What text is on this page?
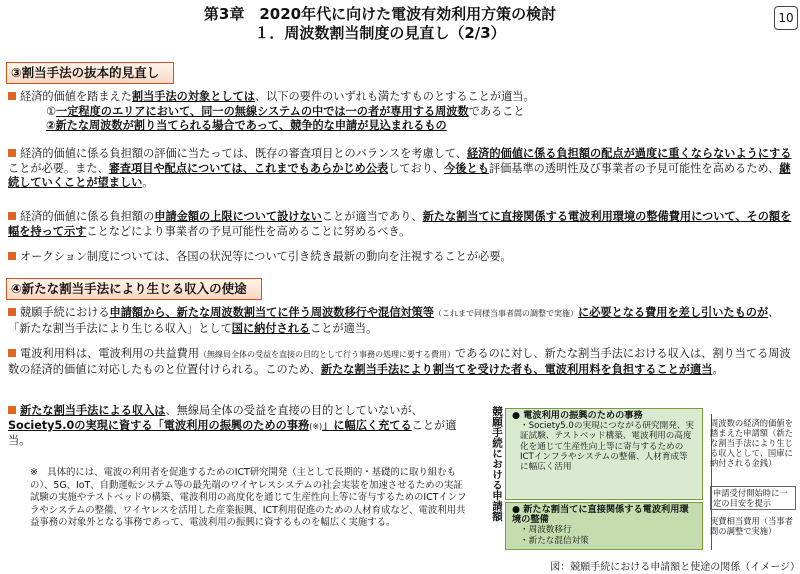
第3章　2020年代に向けた電波有効利用方策の検討
１．周波数割当制度の見直し（2/3）
10
③割当手法の抜本的見直し
経済的価値を踏まえた割当手法の対象としては、以下の要件のいずれも満たすものとすることが適当。
①一定程度のエリアにおいて、同一の無線システムの中では一の者が専用する周波数であること
②新たな周波数が割り当てられる場合であって、競争的な申請が見込まれるもの
経済的価値に係る負担額の評価に当たっては、既存の審査項目とのバランスを考慮して、経済的価値に係る負担額の配点が過度に重くならないようにすることが必要。また、審査項目や配点については、これまでもあらかじめ公表しており、今後とも評価基準の透明性及び事業者の予見可能性を高めるため、継続していくことが望ましい。
経済的価値に係る負担額の申請金額の上限について設けないことが適当であり、新たな割当てに直接関係する電波利用環境の整備費用について、その額を幅を持って示すことなどにより事業者の予見可能性を高めることに努めるべき。
オークション制度については、各国の状況等について引き続き最新の動向を注視することが必要。
④新たな割当手法により生じる収入の使途
競願手続における申請額から、新たな周波数割当てに伴う周波数移行や混信対策等（これまで同様当事者間の調整で実施）に必要となる費用を差し引いたものが、「新たな割当手法により生じる収入」として国に納付されることが適当。
電波利用料は、電波利用の共益費用（無線局全体の受益を直接の目的として行う事務の処理に要する費用）であるのに対し、新たな割当手法における収入は、割り当てる周波数の経済的価値に対応したものと位置付けられる。このため、新たな割当手法により割当てを受けた者も、電波利用料を負担することが適当。
新たな割当手法による収入は、無線局全体の受益を直接の目的としていないが、Society5.0の実現に資する「電波利用の振興のための事務(※)」に幅広く充てることが適当。
※　具体的には、電波の利用者を促進するためのICT研究開発（主として長期的・基礎的に取り組むもの）、5G、IoT、自動運転システム等の最先端のワイヤレスシステムの社会実装を加速させるための実証試験の実施やテストベッドの構築、電波利用の高度化を通じて生産性向上等に寄与するためのICTインフラやシステムの整備、ワイヤレスを活用した産業振興、ICT利用促進のための人材育成など、電波利用共益事務の対象外となる事務であって、電波利用の振興に資するものを幅広く実施する。
競願手続における申請額 ● 電波利用の振興のための事務
・Society5.0の実現につながる研究開発、実証試験、テストベッド構築、電波利用の高度化を通じて生産性向上等に寄与するためのICTインフラやシステムの整備、人材育成等に幅広く活用
● 新たな割当てに直接関係する電波利用環境の整備
・周波数移行
・新たな混信対策
周波数の経済的価値を踏まえた申請額（新たな割当手法により生じる収入として、国庫に納付される金銭）
申請受付開始時に一定の目安を提示
実費相当費用（当事者間の調整で実施）
図：競願手続における申請額と使途の関係（イメージ）
